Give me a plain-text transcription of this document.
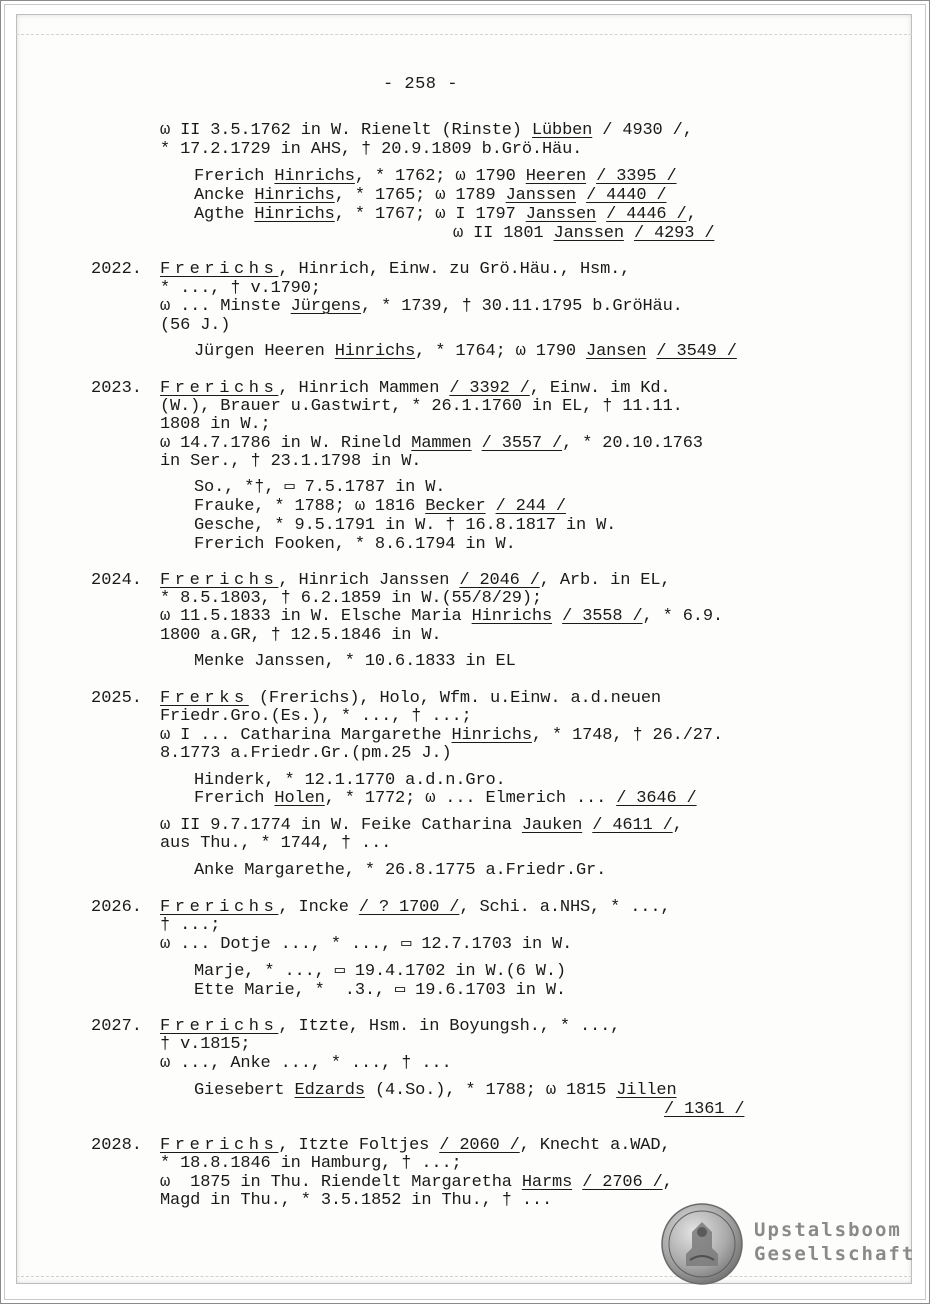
- 258 -
ω II 3.5.1762 in W. Rienelt (Rinste) Lübben / 4930 /,
* 17.2.1729 in AHS, † 20.9.1809 b.Grö.Häu.
Frerich Hinrichs, * 1762; ω 1790 Heeren / 3395 /
Ancke Hinrichs, * 1765; ω 1789 Janssen / 4440 /
Agthe Hinrichs, * 1767; ω I 1797 Janssen / 4446 /,
ω II 1801 Janssen / 4293 /
2022. Frerichs, Hinrich, Einw. zu Grö.Häu., Hsm.,
* ..., † v.1790;
ω ... Minste Jürgens, * 1739, † 30.11.1795 b.GröHäu.
(56 J.)
Jürgen Heeren Hinrichs, * 1764; ω 1790 Jansen / 3549 /
2023. Frerichs, Hinrich Mammen / 3392 /, Einw. im Kd.
(W.), Brauer u.Gastwirt, * 26.1.1760 in EL, † 11.11.
1808 in W.;
ω 14.7.1786 in W. Rineld Mammen / 3557 /, * 20.10.1763
in Ser., † 23.1.1798 in W.
So., *†, ▭ 7.5.1787 in W.
Frauke, * 1788; ω 1816 Becker / 244 /
Gesche, * 9.5.1791 in W. † 16.8.1817 in W.
Frerich Fooken, * 8.6.1794 in W.
2024. Frerichs, Hinrich Janssen / 2046 /, Arb. in EL,
* 8.5.1803, † 6.2.1859 in W.(55/8/29);
ω 11.5.1833 in W. Elsche Maria Hinrichs / 3558 /, * 6.9.
1800 a.GR, † 12.5.1846 in W.
Menke Janssen, * 10.6.1833 in EL
2025. Frerks (Frerichs), Holo, Wfm. u.Einw. a.d.neuen
Friedr.Gro.(Es.), * ..., † ...;
ω I ... Catharina Margarethe Hinrichs, * 1748, † 26./27.
8.1773 a.Friedr.Gr.(pm.25 J.)
Hinderk, * 12.1.1770 a.d.n.Gro.
Frerich Holen, * 1772; ω ... Elmerich ... / 3646 /
ω II 9.7.1774 in W. Feike Catharina Jauken / 4611 /,
aus Thu., * 1744, † ...
Anke Margarethe, * 26.8.1775 a.Friedr.Gr.
2026. Frerichs, Incke / ? 1700 /, Schi. a.NHS, * ...,
† ...;
ω ... Dotje ..., * ..., ▭ 12.7.1703 in W.
Marje, * ..., ▭ 19.4.1702 in W.(6 W.)
Ette Marie, *  .3., ▭ 19.6.1703 in W.
2027. Frerichs, Itzte, Hsm. in Boyungsh., * ...,
† v.1815;
ω ..., Anke ..., * ..., † ...
Giesebert Edzards (4.So.), * 1788; ω 1815 Jillen
/ 1361 /
2028. Frerichs, Itzte Foltjes / 2060 /, Knecht a.WAD,
* 18.8.1846 in Hamburg, † ...;
ω  1875 in Thu. Riendelt Margaretha Harms / 2706 /,
Magd in Thu., * 3.5.1852 in Thu., † ...
Upstalsboom
Gesellschaft
